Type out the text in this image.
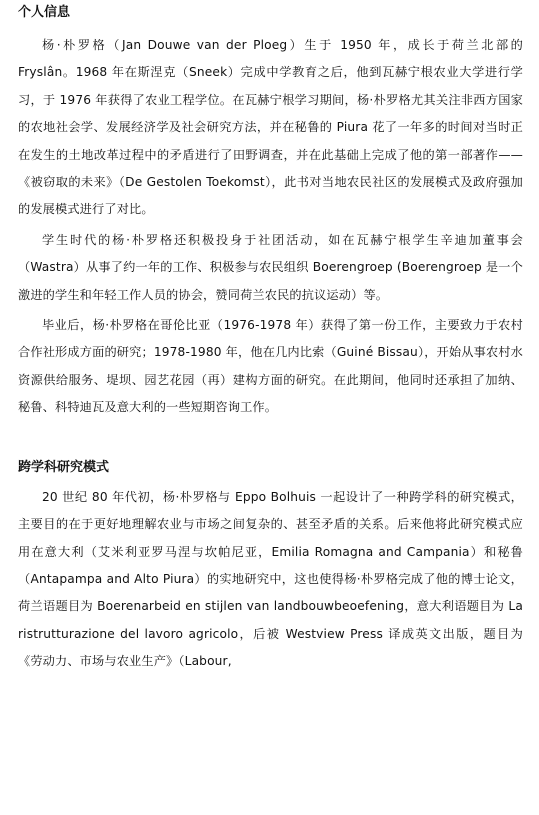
个人信息

杨·朴罗格（Jan Douwe van der Ploeg）生于 1950 年，成长于荷兰北部的 Fryslân。1968 年在斯涅克（Sneek）完成中学教育之后，他到瓦赫宁根农业大学进行学习，于 1976 年获得了农业工程学位。在瓦赫宁根学习期间，杨·朴罗格尤其关注非西方国家的农地社会学、发展经济学及社会研究方法，并在秘鲁的 Piura 花了一年多的时间对当时正在发生的土地改革过程中的矛盾进行了田野调查，并在此基础上完成了他的第一部著作——《被窃取的未来》（De Gestolen Toekomst），此书对当地农民社区的发展模式及政府强加的发展模式进行了对比。

学生时代的杨·朴罗格还积极投身于社团活动，如在瓦赫宁根学生辛迪加董事会（Wastra）从事了约一年的工作、积极参与农民组织 Boerengroep (Boerengroep 是一个激进的学生和年轻工作人员的协会，赞同荷兰农民的抗议运动）等。

毕业后，杨·朴罗格在哥伦比亚（1976-1978 年）获得了第一份工作，主要致力于农村合作社形成方面的研究；1978-1980 年，他在几内比索（Guiné Bissau），开始从事农村水资源供给服务、堤坝、园艺花园（再）建构方面的研究。在此期间，他同时还承担了加纳、秘鲁、科特迪瓦及意大利的一些短期咨询工作。

跨学科研究模式

20 世纪 80 年代初，杨·朴罗格与 Eppo Bolhuis 一起设计了一种跨学科的研究模式，主要目的在于更好地理解农业与市场之间复杂的、甚至矛盾的关系。后来他将此研究模式应用在意大利（艾米利亚罗马涅与坎帕尼亚，Emilia Romagna and Campania）和秘鲁（Antapampa and Alto Piura）的实地研究中，这也使得杨·朴罗格完成了他的博士论文，荷兰语题目为 Boerenarbeid en stijlen van landbouwbeoefening，意大利语题目为 La ristrutturazione del lavoro agricolo，后被 Westview Press 译成英文出版，题目为《劳动力、市场与农业生产》（Labour,
